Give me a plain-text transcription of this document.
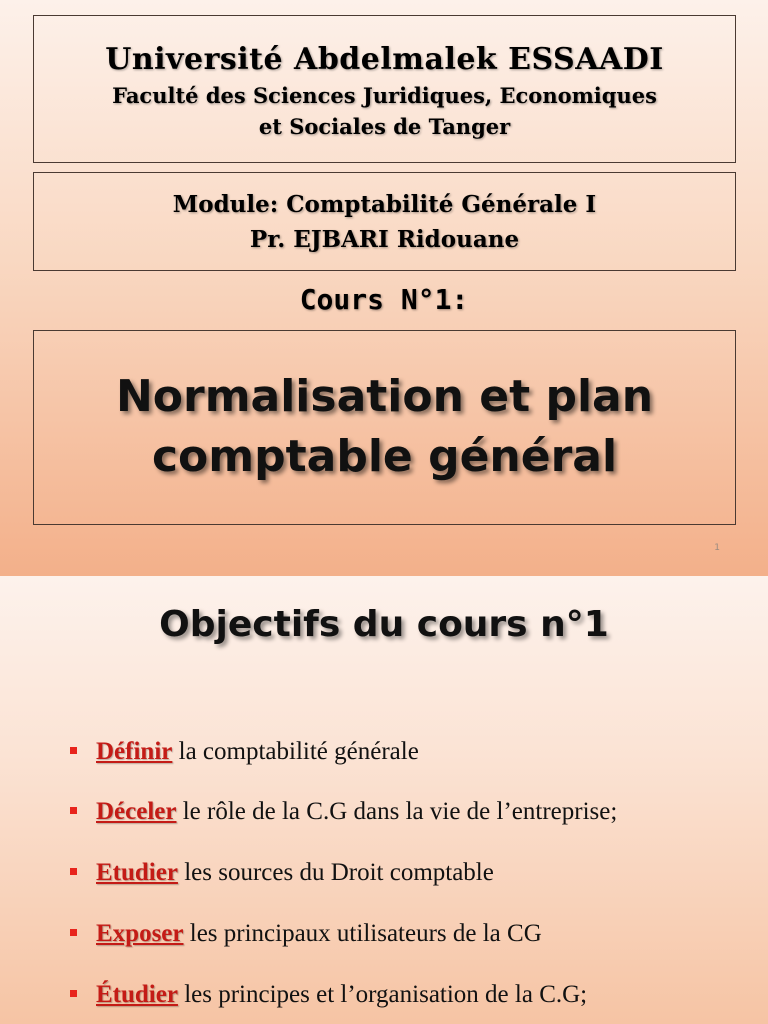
Université Abdelmalek ESSAADI
Faculté des Sciences Juridiques, Economiques
et Sociales de Tanger
Module: Comptabilité Générale I
Pr. EJBARI Ridouane
Cours N°1:
Normalisation et plan
comptable général
1
Objectifs du cours n°1
Définir la comptabilité générale
Déceler le rôle de la C.G dans la vie de l’entreprise;
Etudier les sources du Droit comptable
Exposer les principaux utilisateurs de la CG
Étudier les principes et l’organisation de la C.G;
